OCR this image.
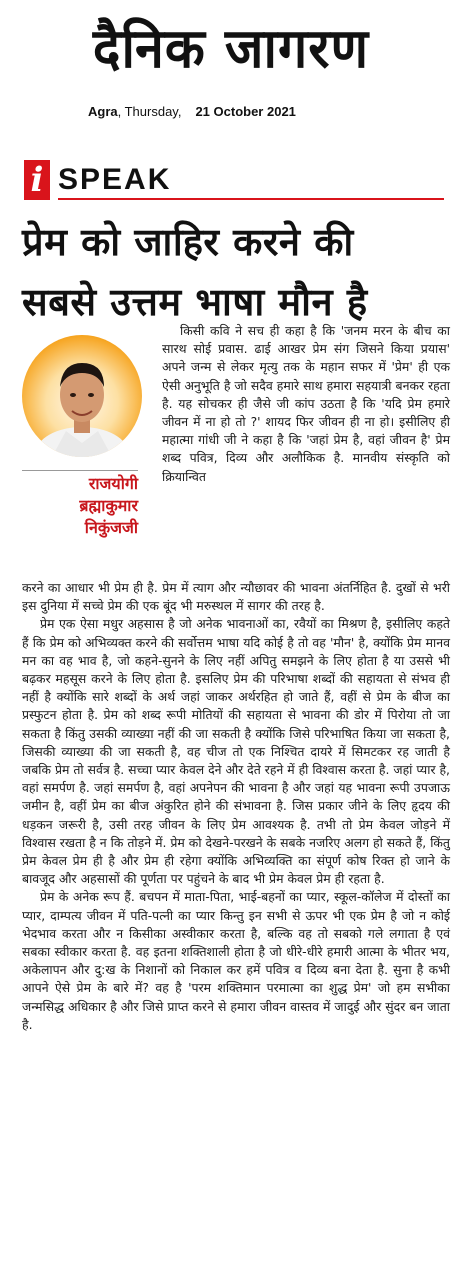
दैनिक जागरण
Agra, Thursday, 21 October 2021
i SPEAK
प्रेम को जाहिर करने की
सबसे उत्तम भाषा मौन है
राजयोगी
ब्रह्माकुमार
निकुंजजी

किसी कवि ने सच ही कहा है कि 'जनम मरन के बीच का सारथ सोई प्रवास. ढाई आखर प्रेम संग जिसने किया प्रयास' अपने जन्म से लेकर मृत्यु तक के महान सफर में 'प्रेम' ही एक ऐसी अनुभूति है जो सदैव हमारे साथ हमारा सहयात्री बनकर रहता है. यह सोचकर ही जैसे जी कांप उठता है कि 'यदि प्रेम हमारे जीवन में ना हो तो ?' शायद फिर जीवन ही ना हो। इसीलिए ही महात्मा गांधी जी ने कहा है कि 'जहां प्रेम है, वहां जीवन है' प्रेम शब्द पवित्र, दिव्य और अलौकिक है. मानवीय संस्कृति को क्रियान्वित

करने का आधार भी प्रेम ही है. प्रेम में त्याग और न्यौछावर की भावना अंतर्निहित है. दुखों से भरी इस दुनिया में सच्चे प्रेम की एक बूंद भी मरुस्थल में सागर की तरह है.

प्रेम एक ऐसा मधुर अहसास है जो अनेक भावनाओं का, रवैयों का मिश्रण है, इसीलिए कहते हैं कि प्रेम को अभिव्यक्त करने की सर्वोत्तम भाषा यदि कोई है तो वह 'मौन' है, क्योंकि प्रेम मानव मन का वह भाव है, जो कहने-सुनने के लिए नहीं अपितु समझने के लिए होता है या उससे भी बढ़कर महसूस करने के लिए होता है. इसलिए प्रेम की परिभाषा शब्दों की सहायता से संभव ही नहीं है क्योंकि सारे शब्दों के अर्थ जहां जाकर अर्थरहित हो जाते हैं, वहीं से प्रेम के बीज का प्रस्फुटन होता है. प्रेम को शब्द रूपी मोतियों की सहायता से भावना की डोर में पिरोया तो जा सकता है किंतु उसकी व्याख्या नहीं की जा सकती है क्योंकि जिसे परिभाषित किया जा सकता है, जिसकी व्याख्या की जा सकती है, वह चीज तो एक निश्चित दायरे में सिमटकर रह जाती है जबकि प्रेम तो सर्वत्र है. सच्चा प्यार केवल देने और देते रहने में ही विश्वास करता है. जहां प्यार है, वहां समर्पण है. जहां समर्पण है, वहां अपनेपन की भावना है और जहां यह भावना रूपी उपजाऊ जमीन है, वहीं प्रेम का बीज अंकुरित होने की संभावना है. जिस प्रकार जीने के लिए हृदय की धड़कन जरूरी है, उसी तरह जीवन के लिए प्रेम आवश्यक है. तभी तो प्रेम केवल जोड़ने में विश्वास रखता है न कि तोड़ने में. प्रेम को देखने-परखने के सबके नजरिए अलग हो सकते हैं, किंतु प्रेम केवल प्रेम ही है और प्रेम ही रहेगा क्योंकि अभिव्यक्ति का संपूर्ण कोष रिक्त हो जाने के बावजूद और अहसासों की पूर्णता पर पहुंचने के बाद भी प्रेम केवल प्रेम ही रहता है.

प्रेम के अनेक रूप हैं. बचपन में माता-पिता, भाई-बहनों का प्यार, स्कूल-कॉलेज में दोस्तों का प्यार, दाम्पत्य जीवन में पति-पत्नी का प्यार किन्तु इन सभी से ऊपर भी एक प्रेम है जो न कोई भेदभाव करता और न किसीका अस्वीकार करता है, बल्कि वह तो सबको गले लगाता है एवं सबका स्वीकार करता है. वह इतना शक्तिशाली होता है जो धीरे-धीरे हमारी आत्मा के भीतर भय, अकेलापन और दु:ख के निशानों को निकाल कर हमें पवित्र व दिव्य बना देता है. सुना है कभी आपने ऐसे प्रेम के बारे में? वह है 'परम शक्तिमान परमात्मा का शुद्ध प्रेम' जो हम सभीका जन्मसिद्ध अधिकार है और जिसे प्राप्त करने से हमारा जीवन वास्तव में जादुई और सुंदर बन जाता है.
